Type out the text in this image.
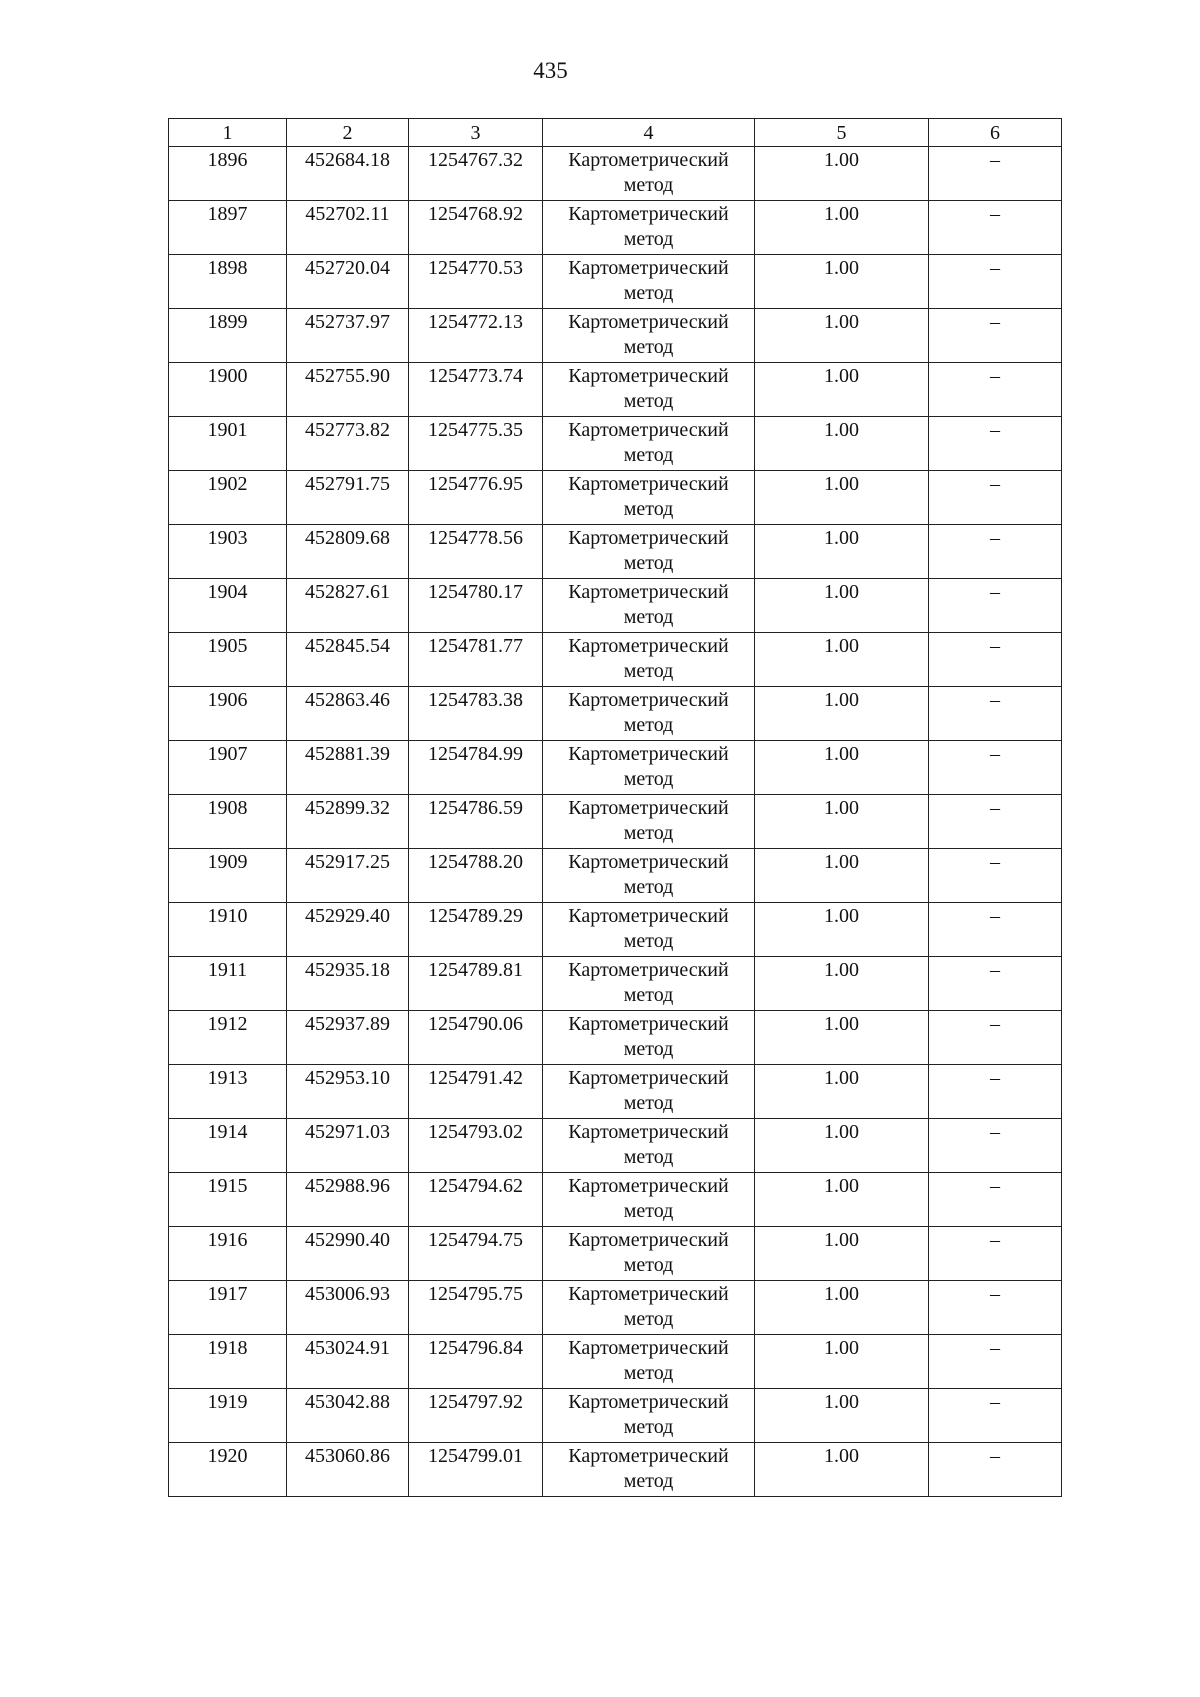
435
1	2	3	4	5	6
1896	452684.18	1254767.32	Картометрический метод	1.00	–
1897	452702.11	1254768.92	Картометрический метод	1.00	–
1898	452720.04	1254770.53	Картометрический метод	1.00	–
1899	452737.97	1254772.13	Картометрический метод	1.00	–
1900	452755.90	1254773.74	Картометрический метод	1.00	–
1901	452773.82	1254775.35	Картометрический метод	1.00	–
1902	452791.75	1254776.95	Картометрический метод	1.00	–
1903	452809.68	1254778.56	Картометрический метод	1.00	–
1904	452827.61	1254780.17	Картометрический метод	1.00	–
1905	452845.54	1254781.77	Картометрический метод	1.00	–
1906	452863.46	1254783.38	Картометрический метод	1.00	–
1907	452881.39	1254784.99	Картометрический метод	1.00	–
1908	452899.32	1254786.59	Картометрический метод	1.00	–
1909	452917.25	1254788.20	Картометрический метод	1.00	–
1910	452929.40	1254789.29	Картометрический метод	1.00	–
1911	452935.18	1254789.81	Картометрический метод	1.00	–
1912	452937.89	1254790.06	Картометрический метод	1.00	–
1913	452953.10	1254791.42	Картометрический метод	1.00	–
1914	452971.03	1254793.02	Картометрический метод	1.00	–
1915	452988.96	1254794.62	Картометрический метод	1.00	–
1916	452990.40	1254794.75	Картометрический метод	1.00	–
1917	453006.93	1254795.75	Картометрический метод	1.00	–
1918	453024.91	1254796.84	Картометрический метод	1.00	–
1919	453042.88	1254797.92	Картометрический метод	1.00	–
1920	453060.86	1254799.01	Картометрический метод	1.00	–
